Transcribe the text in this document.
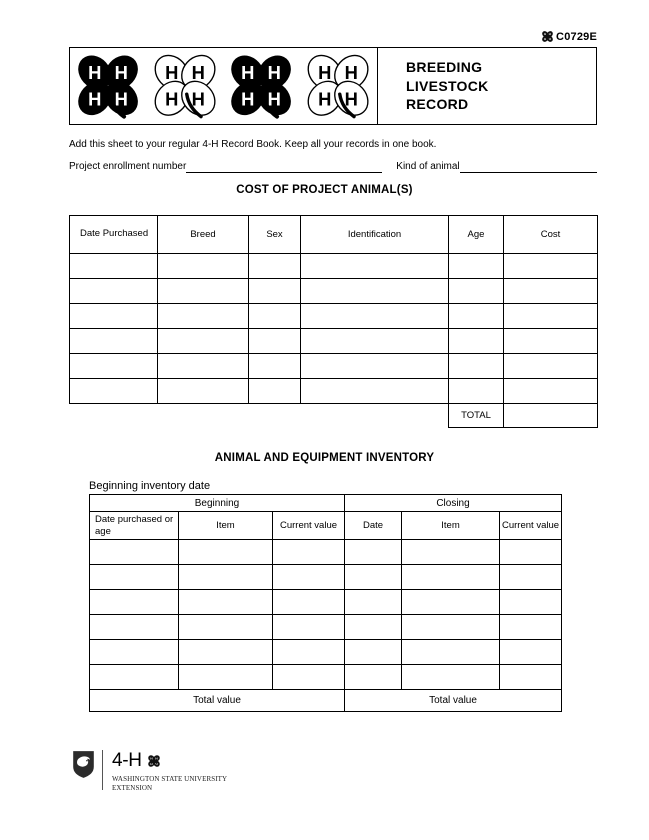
H H
H H C0729E
H H
H H
H H
H H
H H
H H
H H
H H
BREEDING
LIVESTOCK
RECORD
Add this sheet to your regular 4-H Record Book. Keep all your records in one book.
Project enrollment number	Kind of animal
COST OF PROJECT ANIMAL(S)
Date Purchased	Breed	Sex	Identification	Age	Cost

				TOTAL	
ANIMAL AND EQUIPMENT INVENTORY
Beginning inventory date
Beginning			Closing		
Date purchased or age	Item	Current value	Date	Item	Current value

Total value			Total value		
4-H H H
H H
WASHINGTON STATE UNIVERSITY
EXTENSION
